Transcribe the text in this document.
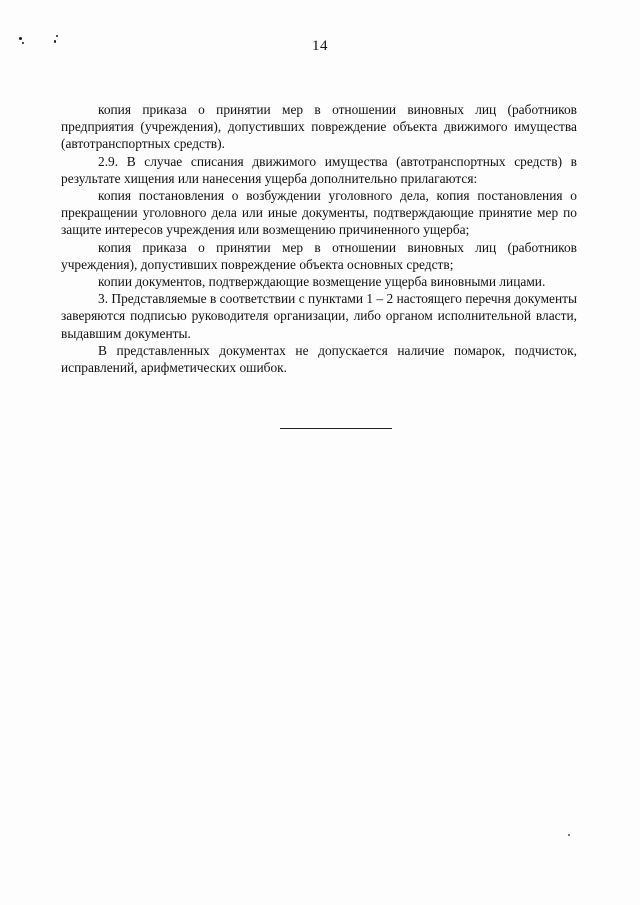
14

копия приказа о принятии мер в отношении виновных лиц (работников предприятия (учреждения), допустивших повреждение объекта движимого имущества (автотранспортных средств).

2.9. В случае списания движимого имущества (автотранспортных средств) в результате хищения или нанесения ущерба дополнительно прилагаются:

копия постановления о возбуждении уголовного дела, копия постановления о прекращении уголовного дела или иные документы, подтверждающие принятие мер по защите интересов учреждения или возмещению причиненного ущерба;

копия приказа о принятии мер в отношении виновных лиц (работников учреждения), допустивших повреждение объекта основных средств;

копии документов, подтверждающие возмещение ущерба виновными лицами.

3. Представляемые в соответствии с пунктами 1 – 2 настоящего перечня документы заверяются подписью руководителя организации, либо органом исполнительной власти, выдавшим документы.

В представленных документах не допускается наличие помарок, подчисток, исправлений, арифметических ошибок.
